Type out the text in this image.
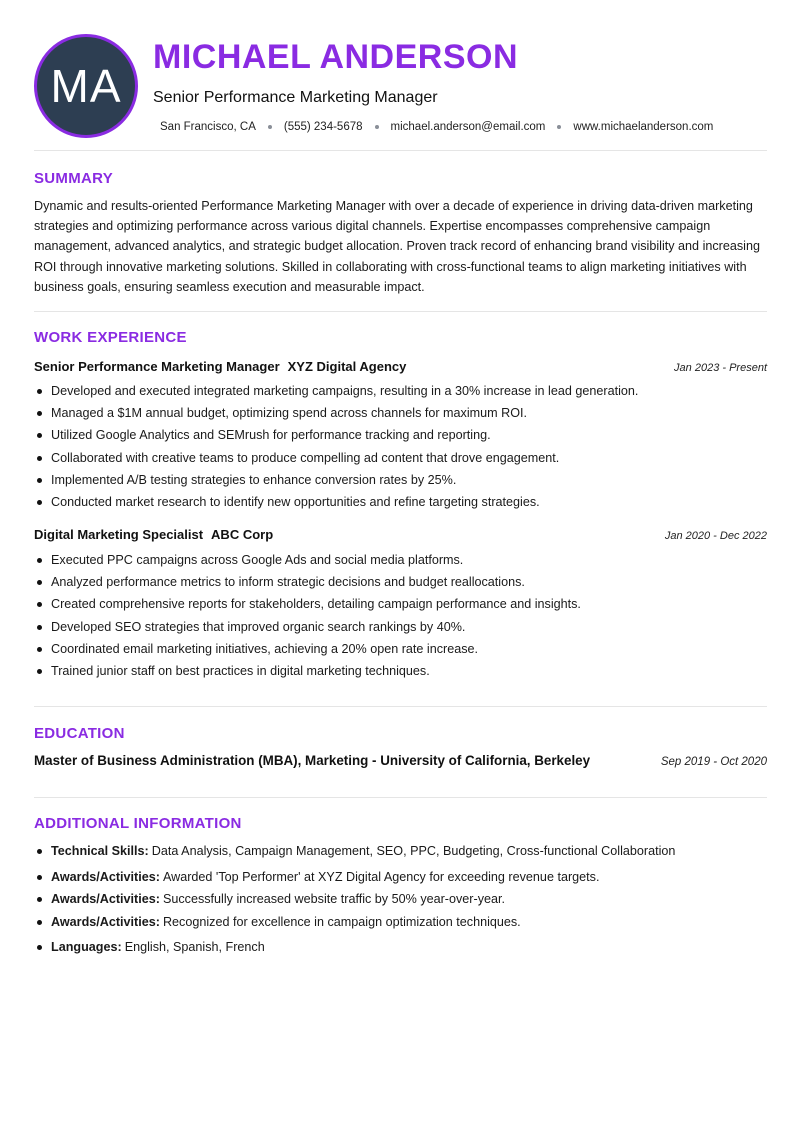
MA
MICHAEL ANDERSON
Senior Performance Marketing Manager
San Francisco, CA (555) 234-5678 michael.anderson@email.com www.michaelanderson.com
SUMMARY
Dynamic and results-oriented Performance Marketing Manager with over a decade of experience in driving data-driven marketing strategies and optimizing performance across various digital channels. Expertise encompasses comprehensive campaign management, advanced analytics, and strategic budget allocation. Proven track record of enhancing brand visibility and increasing ROI through innovative marketing solutions. Skilled in collaborating with cross-functional teams to align marketing initiatives with business goals, ensuring seamless execution and measurable impact.
WORK EXPERIENCE
Senior Performance Marketing Manager XYZ Digital Agency	Jan 2023 - Present
Developed and executed integrated marketing campaigns, resulting in a 30% increase in lead generation.
Managed a $1M annual budget, optimizing spend across channels for maximum ROI.
Utilized Google Analytics and SEMrush for performance tracking and reporting.
Collaborated with creative teams to produce compelling ad content that drove engagement.
Implemented A/B testing strategies to enhance conversion rates by 25%.
Conducted market research to identify new opportunities and refine targeting strategies.
Digital Marketing Specialist ABC Corp	Jan 2020 - Dec 2022
Executed PPC campaigns across Google Ads and social media platforms.
Analyzed performance metrics to inform strategic decisions and budget reallocations.
Created comprehensive reports for stakeholders, detailing campaign performance and insights.
Developed SEO strategies that improved organic search rankings by 40%.
Coordinated email marketing initiatives, achieving a 20% open rate increase.
Trained junior staff on best practices in digital marketing techniques.
EDUCATION
Master of Business Administration (MBA), Marketing - University of California, Berkeley	Sep 2019 - Oct 2020
ADDITIONAL INFORMATION
Technical Skills: Data Analysis, Campaign Management, SEO, PPC, Budgeting, Cross-functional Collaboration
Awards/Activities: Awarded 'Top Performer' at XYZ Digital Agency for exceeding revenue targets.
Awards/Activities: Successfully increased website traffic by 50% year-over-year.
Awards/Activities: Recognized for excellence in campaign optimization techniques.
Languages: English, Spanish, French
